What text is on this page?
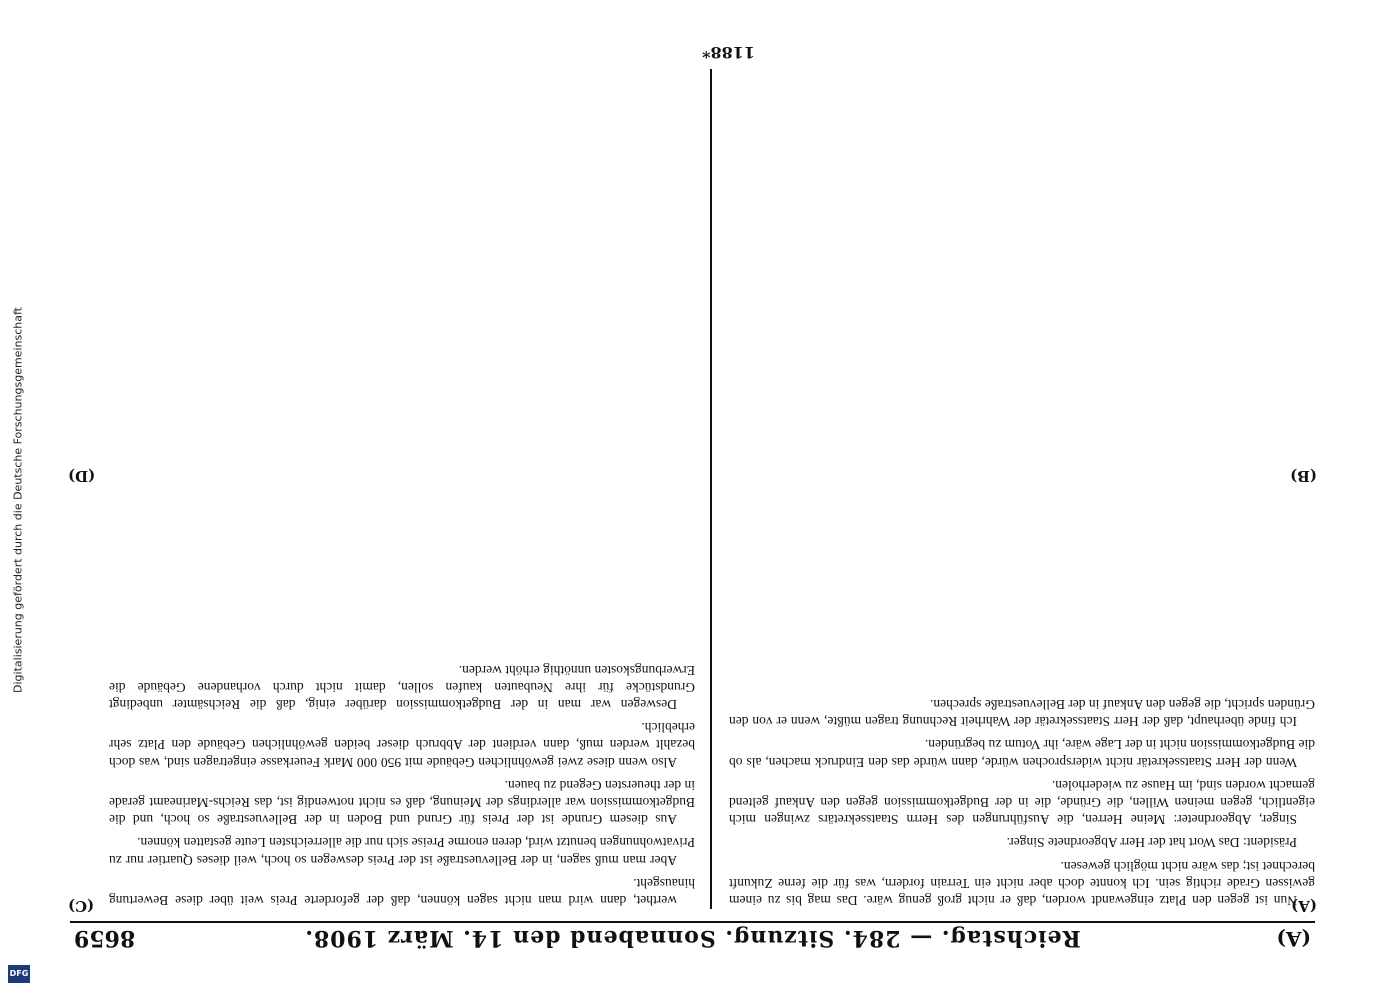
Digitalisierung gefördert durch die Deutsche Forschungsgemeinschaft
DFG
(A)
Reichstag. — 284. Sitzung. Sonnabend den 14. März 1908.
8659
(A)
(B)
(C)
(D)

Nun ist gegen den Platz eingewandt worden, daß er nicht groß genug wäre. Das mag bis zu einem gewissen Grade richtig sein. Ich konnte doch aber nicht ein Terrain fordern, was für die ferne Zukunft berechnet ist; das wäre nicht möglich gewesen.

Präsident: Das Wort hat der Herr Abgeordnete Singer.

Singer, Abgeordneter: Meine Herren, die Ausführungen des Herrn Staatssekretärs zwingen mich eigentlich, gegen meinen Willen, die Gründe, die in der Budgetkommission gegen den Ankauf geltend gemacht worden sind, im Hause zu wiederholen.

Wenn der Herr Staatssekretär nicht widersprochen würde, dann würde das den Eindruck machen, als ob die Budgetkommission nicht in der Lage wäre, ihr Votum zu begründen.

Ich finde überhaupt, daß der Herr Staatssekretär der Wahrheit Rechnung tragen müßte, wenn er von den Gründen spricht, die gegen den Ankauf in der Bellevuestraße sprechen.

werthet, dann wird man nicht sagen können, daß der geforderte Preis weit über diese Bewertung hinausgeht.

Aber man muß sagen, in der Bellevuestraße ist der Preis deswegen so hoch, weil dieses Quartier nur zu Privatwohnungen benutzt wird, deren enorme Preise sich nur die allerreichsten Leute gestatten können.

Aus diesem Grunde ist der Preis für Grund und Boden in der Bellevuestraße so hoch, und die Budgetkommission war allerdings der Meinung, daß es nicht notwendig ist, das Reichs-Marineamt gerade in der theuersten Gegend zu bauen.

Also wenn diese zwei gewöhnlichen Gebäude mit 950 000 Mark Feuerkasse eingetragen sind, was doch bezahlt werden muß, dann verdient der Abbruch dieser beiden gewöhnlichen Gebäude den Platz sehr erheblich.

Deswegen war man in der Budgetkommission darüber einig, daß die Reichsämter unbedingt Grundstücke für ihre Neubauten kaufen sollen, damit nicht durch vorhandene Gebäude die Erwerbungskosten unnöthig erhöht werden.

1188*
